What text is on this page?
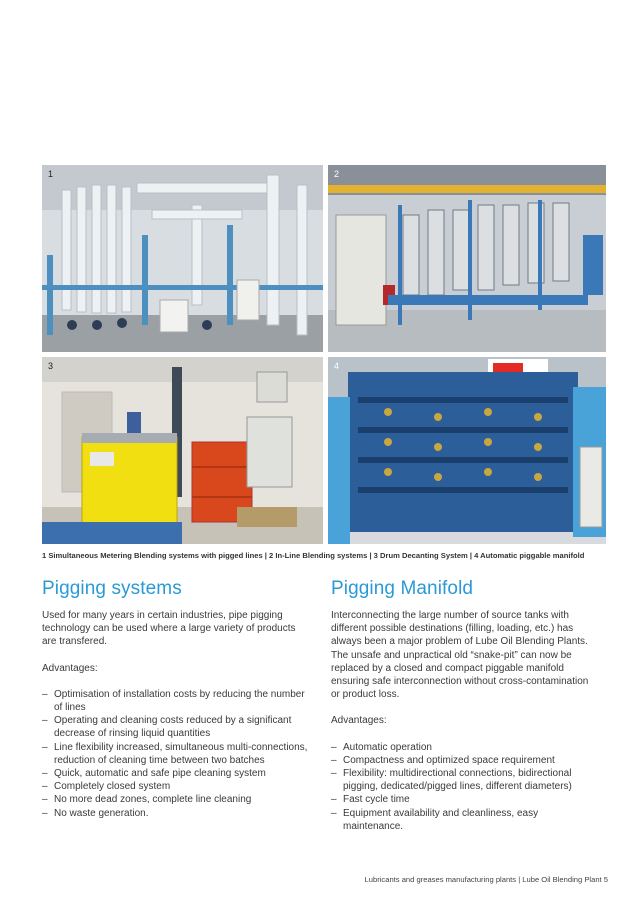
1	2
3	4
1 Simultaneous Metering Blending systems with pigged lines | 2 In-Line Blending systems | 3 Drum Decanting System | 4 Automatic piggable manifold
Pigging systems

Used for many years in certain industries, pipe pigging technology can be used where a large variety of products are transfered.

Advantages:

– Optimisation of installation costs by reducing the number of lines
– Operating and cleaning costs reduced by a significant decrease of rinsing liquid quantities
– Line flexibility increased, simultaneous multi-connections, reduction of cleaning time between two batches
– Quick, automatic and safe pipe cleaning system
– Completely closed system
– No more dead zones, complete line cleaning
– No waste generation.
Pigging Manifold

Interconnecting the large number of source tanks with different possible destinations (filling, loading, etc.) has always been a major problem of Lube Oil Blending Plants. The unsafe and unpractical old “snake-pit” can now be replaced by a closed and compact piggable manifold ensuring safe interconnection without cross-contamination or product loss.

Advantages:

– Automatic operation
– Compactness and optimized space requirement
– Flexibility: multidirectional connections, bidirectional pigging, dedicated/pigged lines, different diameters)
– Fast cycle time
– Equipment availability and cleanliness, easy maintenance.
Lubricants and greases manufacturing plants | Lube Oil Blending Plant 5
